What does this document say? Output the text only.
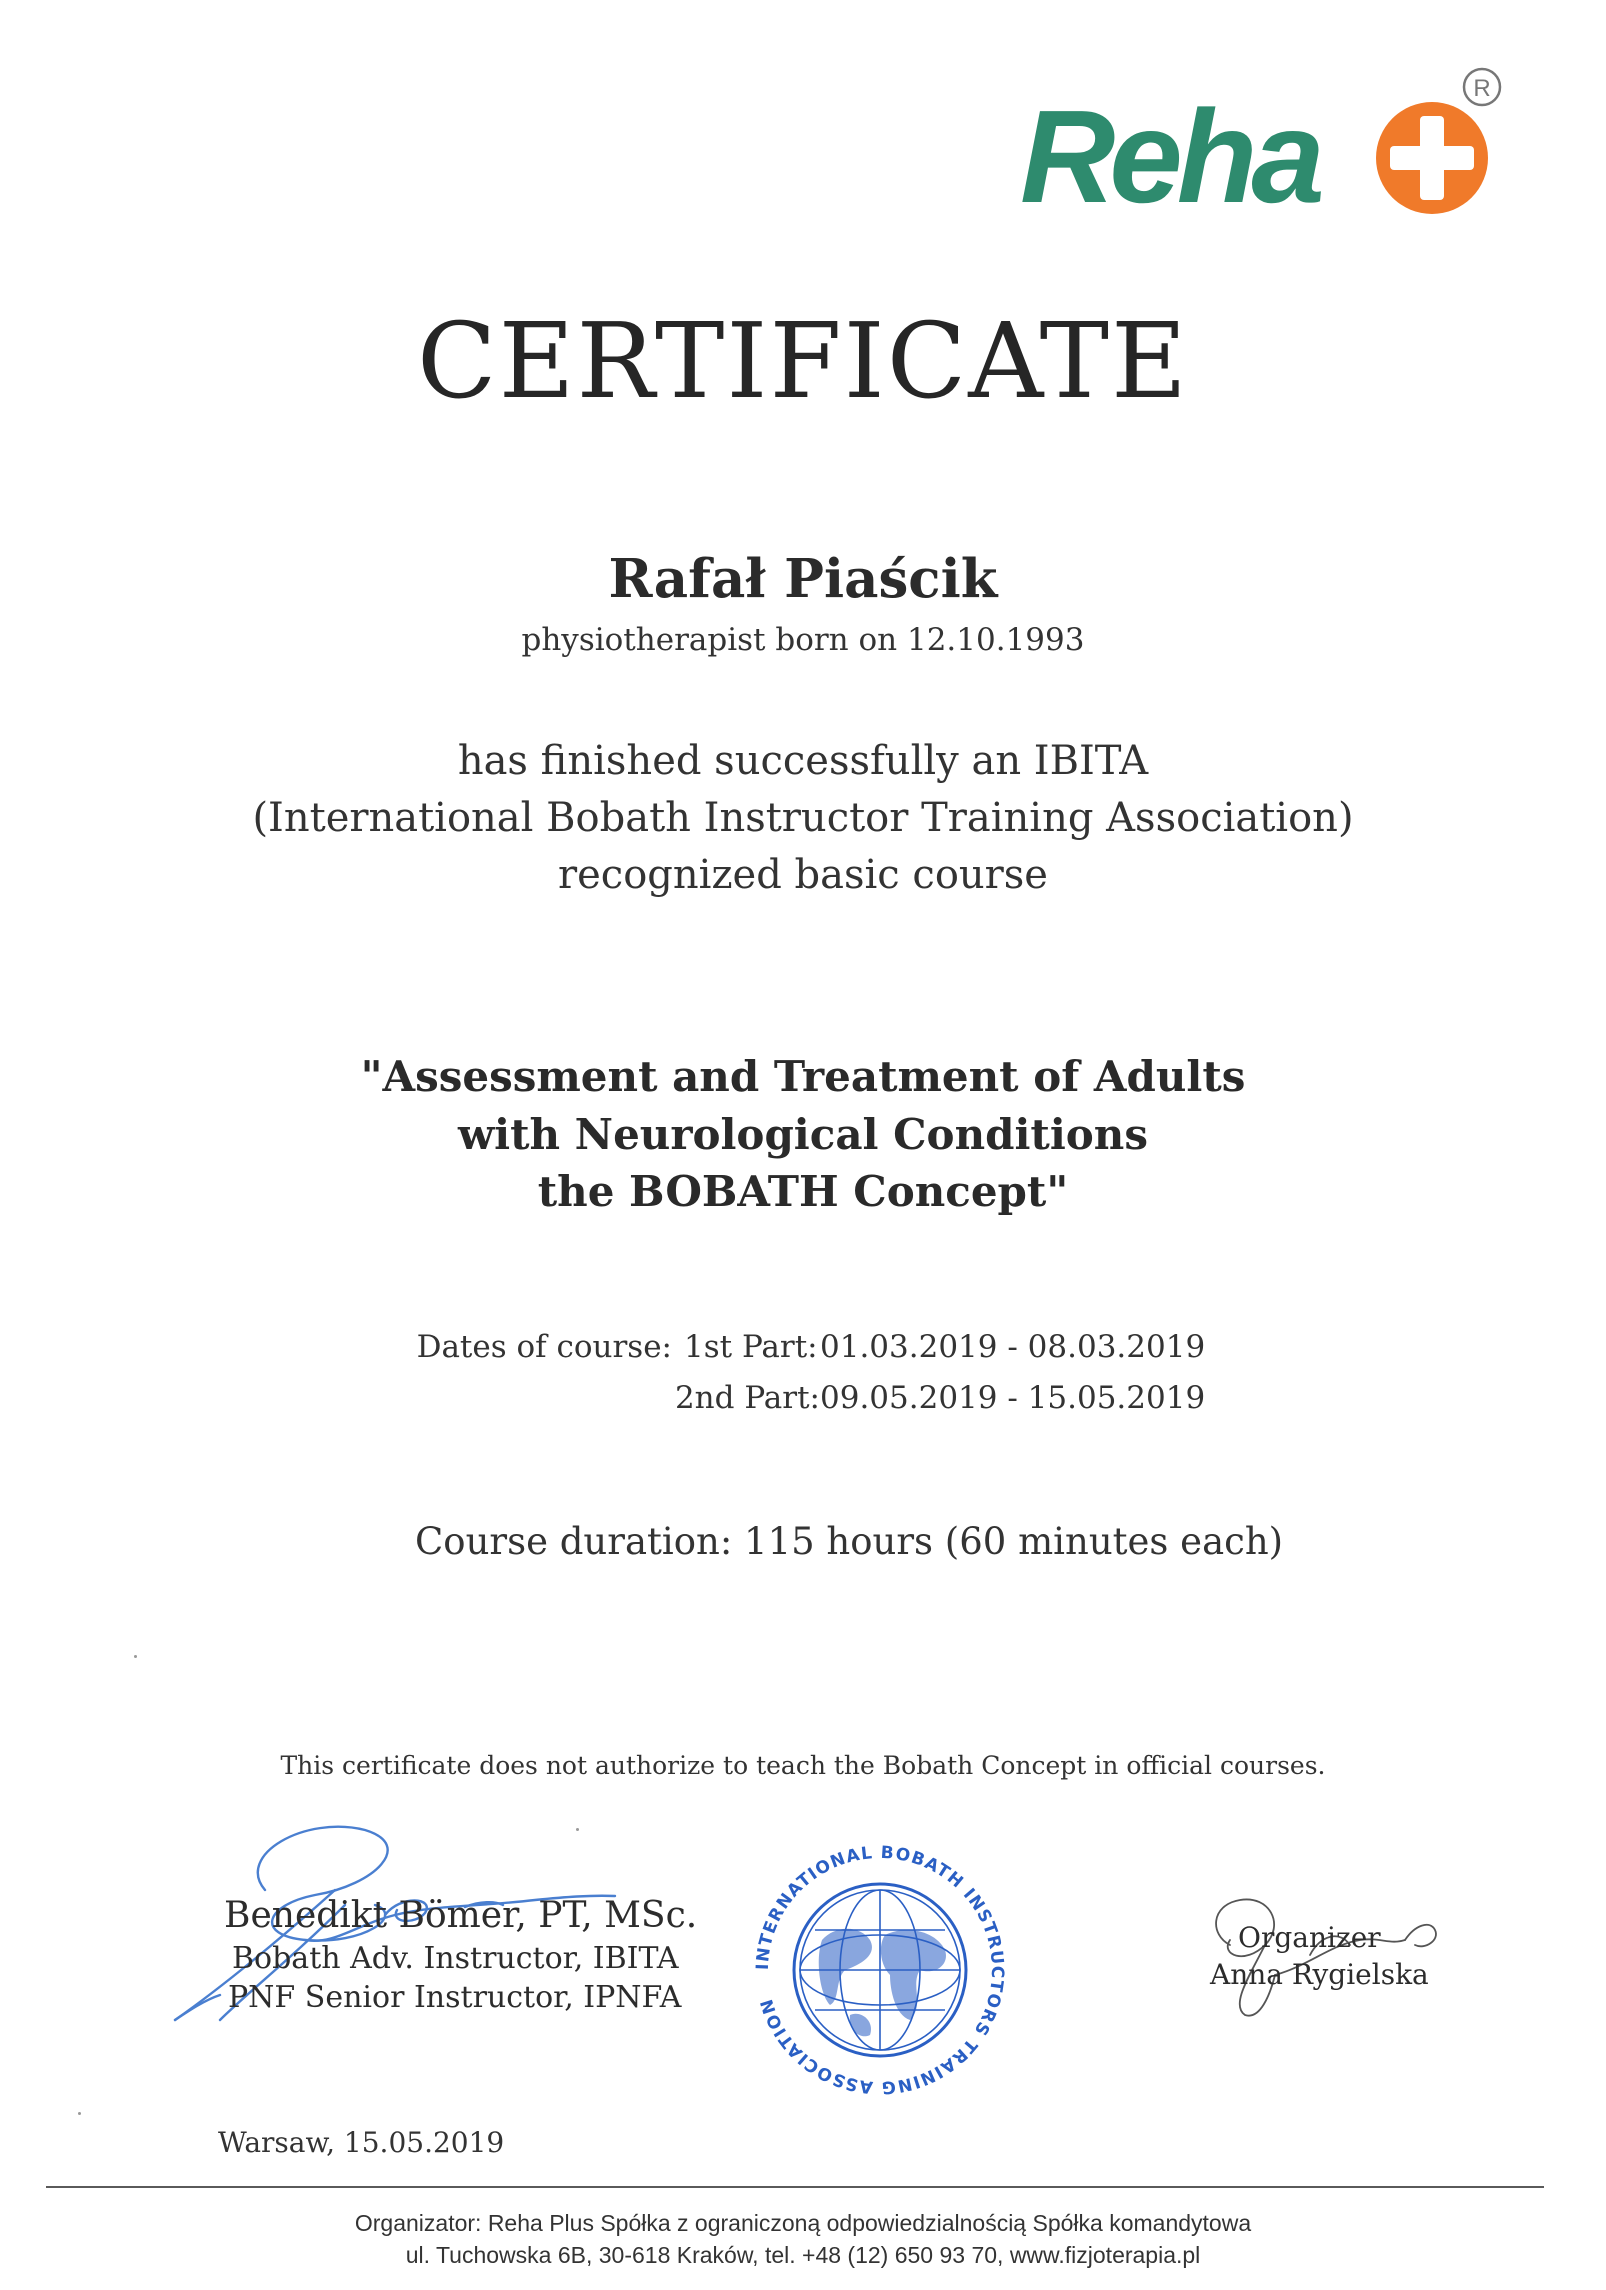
Reha	R
CERTIFICATE
Rafał Piaścik
physiotherapist born on 12.10.1993
has finished successfully an IBITA
(International Bobath Instructor Training Association)
recognized basic course
"Assessment and Treatment of Adults
with Neurological Conditions
the BOBATH Concept"
Dates of course: 1st Part: 01.03.2019 - 08.03.2019
2nd Part: 09.05.2019 - 15.05.2019
Course duration: 115 hours (60 minutes each)
This certificate does not authorize to teach the Bobath Concept in official courses.
Benedikt Bömer, PT, MSc.
Bobath Adv. Instructor, IBITA
PNF Senior Instructor, IPNFA
INTERNATIONAL BOBATH INSTRUCTORS TRAINING ASSOCIATION
Organizer
Anna Rygielska
Warsaw, 15.05.2019
Organizator: Reha Plus Spółka z ograniczoną odpowiedzialnością Spółka komandytowa
ul. Tuchowska 6B, 30-618 Kraków, tel. +48 (12) 650 93 70, www.fizjoterapia.pl
